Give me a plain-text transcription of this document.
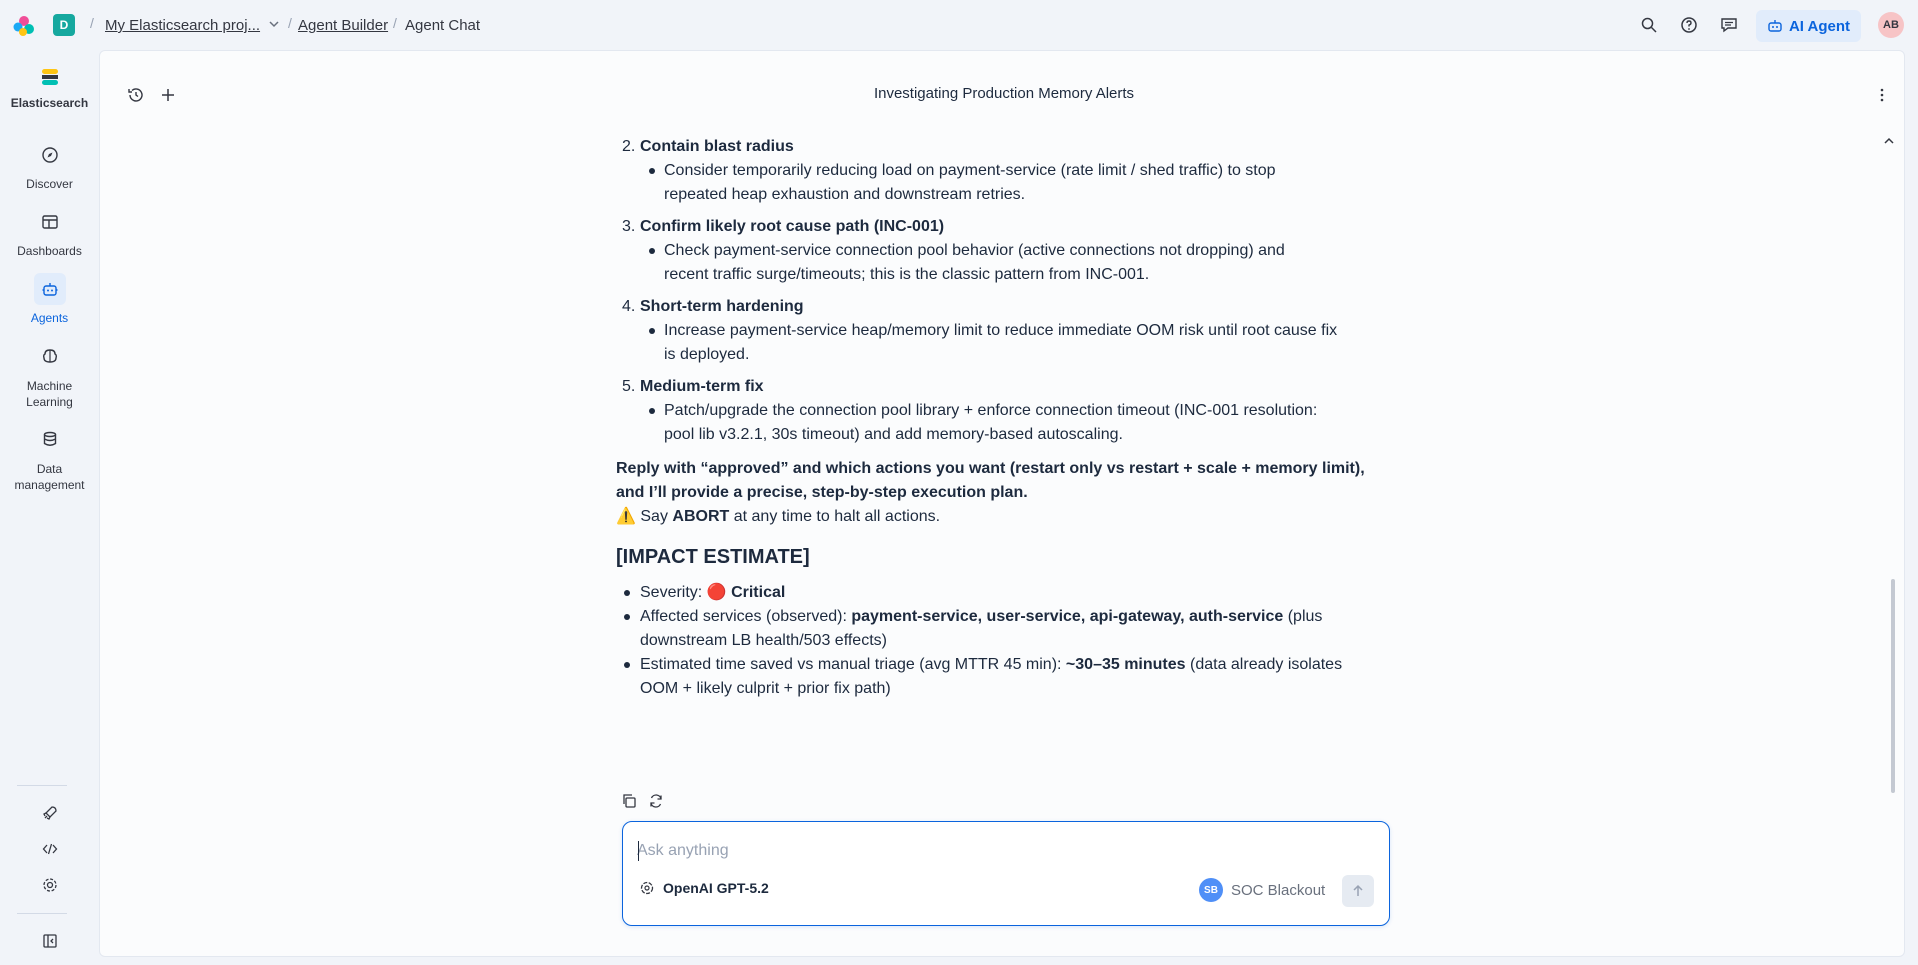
D	/ My Elasticsearch proj... / Agent Builder / Agent Chat	AI Agent	AB
Elasticsearch
Discover
Dashboards
Agents
Machine Learning
Data management
Investigating Production Memory Alerts
2. Contain blast radius
Consider temporarily reducing load on payment-service (rate limit / shed traffic) to stop
repeated heap exhaustion and downstream retries.
3. Confirm likely root cause path (INC-001)
Check payment-service connection pool behavior (active connections not dropping) and
recent traffic surge/timeouts; this is the classic pattern from INC-001.
4. Short-term hardening
Increase payment-service heap/memory limit to reduce immediate OOM risk until root cause fix
is deployed.
5. Medium-term fix
Patch/upgrade the connection pool library + enforce connection timeout (INC-001 resolution:
pool lib v3.2.1, 30s timeout) and add memory-based autoscaling.
Reply with “approved” and which actions you want (restart only vs restart + scale + memory limit),
and I’ll provide a precise, step-by-step execution plan.
⚠️ Say ABORT at any time to halt all actions.
[IMPACT ESTIMATE]
Severity: 🔴 Critical
Affected services (observed): payment-service, user-service, api-gateway, auth-service (plus
downstream LB health/503 effects)
Estimated time saved vs manual triage (avg MTTR 45 min): ~30–35 minutes (data already isolates
OOM + likely culprit + prior fix path)
Ask anything
OpenAI GPT-5.2	SB SOC Blackout
